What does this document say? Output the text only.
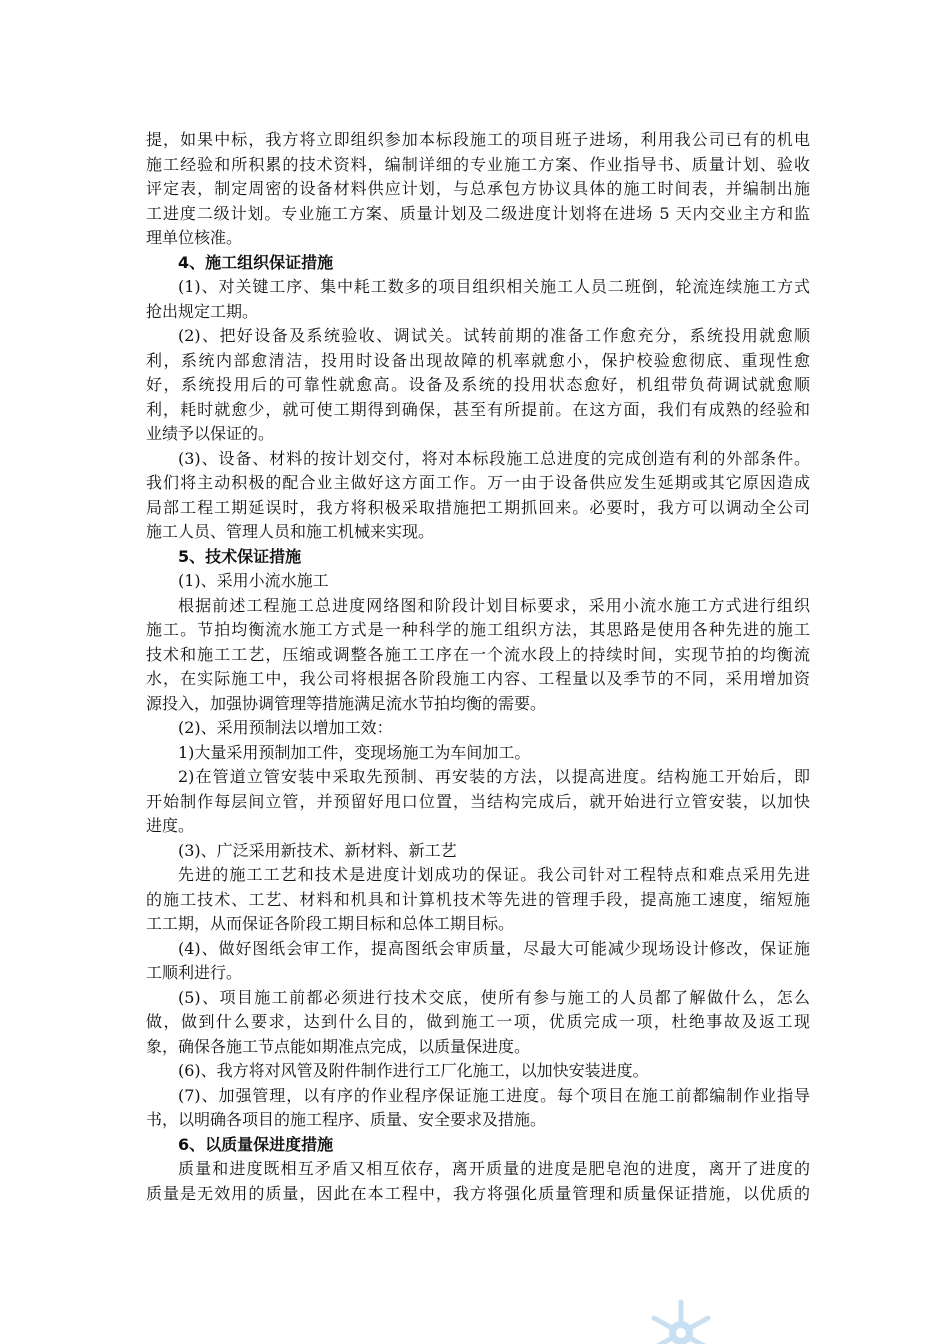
提，如果中标，我方将立即组织参加本标段施工的项目班子进场，利用我公司已有的机电
施工经验和所积累的技术资料，编制详细的专业施工方案、作业指导书、质量计划、验收
评定表，制定周密的设备材料供应计划，与总承包方协议具体的施工时间表，并编制出施
工进度二级计划。专业施工方案、质量计划及二级进度计划将在进场 5 天内交业主方和监
理单位核准。
4、施工组织保证措施
(1)、对关键工序、集中耗工数多的项目组织相关施工人员二班倒，轮流连续施工方式
抢出规定工期。
(2)、把好设备及系统验收、调试关。试转前期的准备工作愈充分，系统投用就愈顺
利，系统内部愈清洁，投用时设备出现故障的机率就愈小，保护校验愈彻底、重现性愈
好，系统投用后的可靠性就愈高。设备及系统的投用状态愈好，机组带负荷调试就愈顺
利，耗时就愈少，就可使工期得到确保，甚至有所提前。在这方面，我们有成熟的经验和
业绩予以保证的。
(3)、设备、材料的按计划交付，将对本标段施工总进度的完成创造有利的外部条件。
我们将主动积极的配合业主做好这方面工作。万一由于设备供应发生延期或其它原因造成
局部工程工期延误时，我方将积极采取措施把工期抓回来。必要时，我方可以调动全公司
施工人员、管理人员和施工机械来实现。
5、技术保证措施
(1)、采用小流水施工
根据前述工程施工总进度网络图和阶段计划目标要求，采用小流水施工方式进行组织
施工。节拍均衡流水施工方式是一种科学的施工组织方法，其思路是使用各种先进的施工
技术和施工工艺，压缩或调整各施工工序在一个流水段上的持续时间，实现节拍的均衡流
水，在实际施工中，我公司将根据各阶段施工内容、工程量以及季节的不同，采用增加资
源投入，加强协调管理等措施满足流水节拍均衡的需要。
(2)、采用预制法以增加工效：
1)大量采用预制加工件，变现场施工为车间加工。
2)在管道立管安装中采取先预制、再安装的方法，以提高进度。结构施工开始后，即
开始制作每层间立管，并预留好甩口位置，当结构完成后，就开始进行立管安装，以加快
进度。
(3)、广泛采用新技术、新材料、新工艺
先进的施工工艺和技术是进度计划成功的保证。我公司针对工程特点和难点采用先进
的施工技术、工艺、材料和机具和计算机技术等先进的管理手段，提高施工速度，缩短施
工工期，从而保证各阶段工期目标和总体工期目标。
(4)、做好图纸会审工作，提高图纸会审质量，尽最大可能减少现场设计修改，保证施
工顺利进行。
(5)、项目施工前都必须进行技术交底，使所有参与施工的人员都了解做什么，怎么
做，做到什么要求，达到什么目的，做到施工一项，优质完成一项，杜绝事故及返工现
象，确保各施工节点能如期准点完成，以质量保进度。
(6)、我方将对风管及附件制作进行工厂化施工，以加快安装进度。
(7)、加强管理，以有序的作业程序保证施工进度。每个项目在施工前都编制作业指导
书，以明确各项目的施工程序、质量、安全要求及措施。
6、以质量保进度措施
质量和进度既相互矛盾又相互依存，离开质量的进度是肥皂泡的进度，离开了进度的
质量是无效用的质量，因此在本工程中，我方将强化质量管理和质量保证措施，以优质的
